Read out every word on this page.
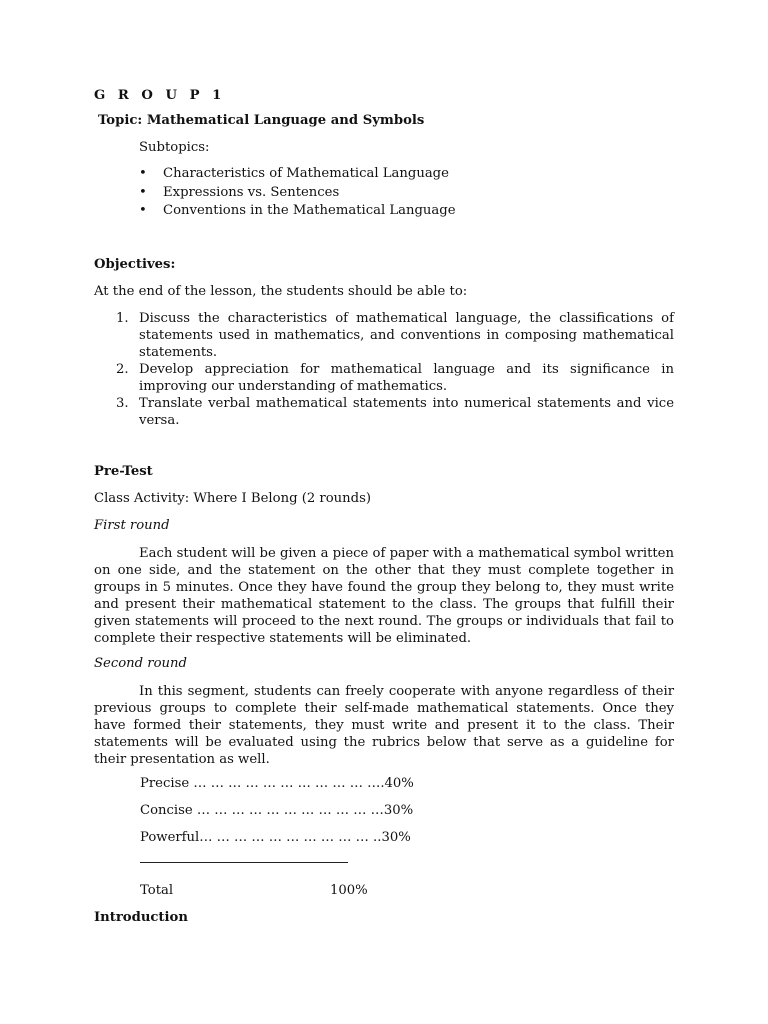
G R O U P 1
Topic: Mathematical Language and Symbols
Subtopics:
• Characteristics of Mathematical Language
• Expressions vs. Sentences
• Conventions in the Mathematical Language
Objectives:
At the end of the lesson, the students should be able to:
1. Discuss the characteristics of mathematical language, the classifications of statements used in mathematics, and conventions in composing mathematical statements.
2. Develop appreciation for mathematical language and its significance in improving our understanding of mathematics.
3. Translate verbal mathematical statements into numerical statements and vice versa.
Pre-Test
Class Activity: Where I Belong (2 rounds)
First round
Each student will be given a piece of paper with a mathematical symbol written on one side, and the statement on the other that they must complete together in groups in 5 minutes. Once they have found the group they belong to, they must write and present their mathematical statement to the class. The groups that fulfill their given statements will proceed to the next round. The groups or individuals that fail to complete their respective statements will be eliminated.
Second round
In this segment, students can freely cooperate with anyone regardless of their previous groups to complete their self-made mathematical statements. Once they have formed their statements, they must write and present it to the class. Their statements will be evaluated using the rubrics below that serve as a guideline for their presentation as well.
Precise … … … … … … … … … … ….40%
Concise … … … … … … … … … … …30%
Powerful… … … … … … … … … … ..30%
Total	100%
Introduction
